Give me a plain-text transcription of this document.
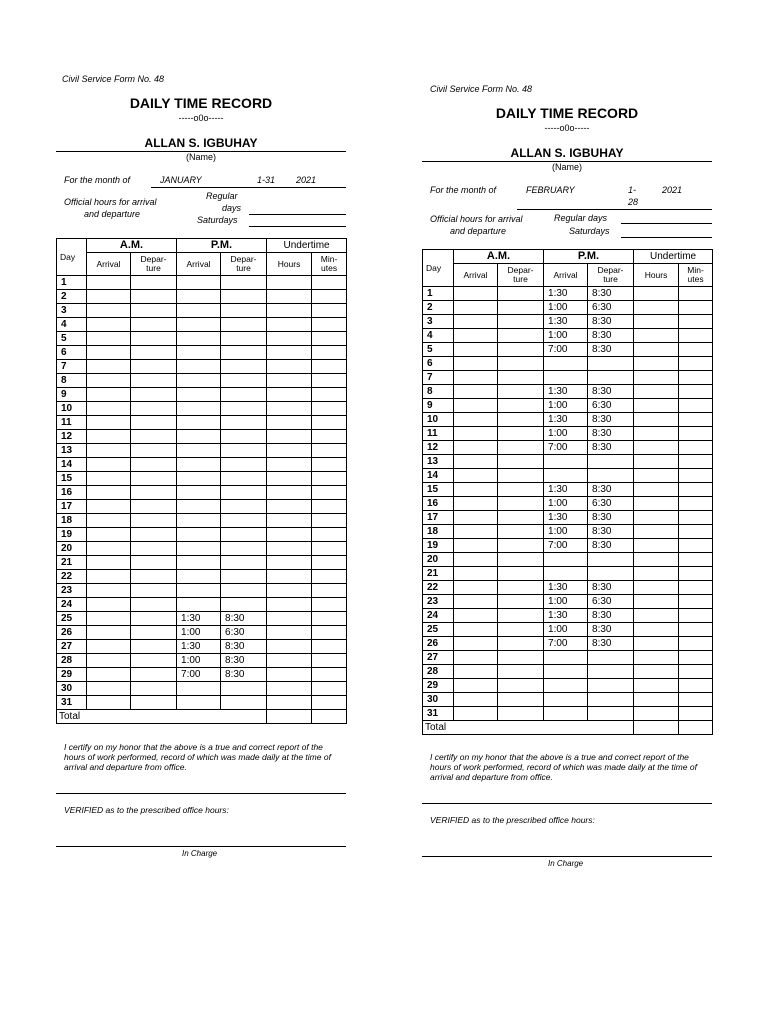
Civil Service Form No. 48
DAILY TIME RECORD
-----o0o-----
ALLAN S. IGBUHAY
(Name)
For the month of	JANUARY	1-31 2021
Official hours for arrival
and departure
Regular
days
Saturdays
Day	A.M.		P.M.		Undertime	
	Arrival	Depar-
ture	Arrival	Depar-
ture	Hours	Min-
utes
1						
2						
3						
4						
5						
6						
7						
8						
9						
10						
11						
12						
13						
14						
15						
16						
17						
18						
19						
20						
21						
22						
23						
24						
25			1:30	8:30		
26			1:00	6:30		
27			1:30	8:30		
28			1:00	8:30		
29			7:00	8:30		
30						
31						
Total						
I certify on my honor that the above is a true and correct report of the hours of work performed, record of which was made daily at the time of arrival and departure from office.
VERIFIED as to the prescribed office hours:
In Charge
Civil Service Form No. 48
DAILY TIME RECORD
-----o0o-----
ALLAN S. IGBUHAY
(Name)
For the month of	FEBRUARY	1-
28
2021
Official hours for arrival
and departure
Regular days
Saturdays
Day	A.M.		P.M.		Undertime	
	Arrival	Depar-
ture	Arrival	Depar-
ture	Hours	Min-
utes
1			1:30	8:30		
2			1:00	6:30		
3			1:30	8:30		
4			1:00	8:30		
5			7:00	8:30		
6						
7						
8			1:30	8:30		
9			1:00	6:30		
10			1:30	8:30		
11			1:00	8:30		
12			7:00	8:30		
13						
14						
15			1:30	8:30		
16			1:00	6:30		
17			1:30	8:30		
18			1:00	8:30		
19			7:00	8:30		
20						
21						
22			1:30	8:30		
23			1:00	6:30		
24			1:30	8:30		
25			1:00	8:30		
26			7:00	8:30		
27						
28						
29						
30						
31						
Total						
I certify on my honor that the above is a true and correct report of the hours of work performed, record of which was made daily at the time of arrival and departure from office.
VERIFIED as to the prescribed office hours:
In Charge
